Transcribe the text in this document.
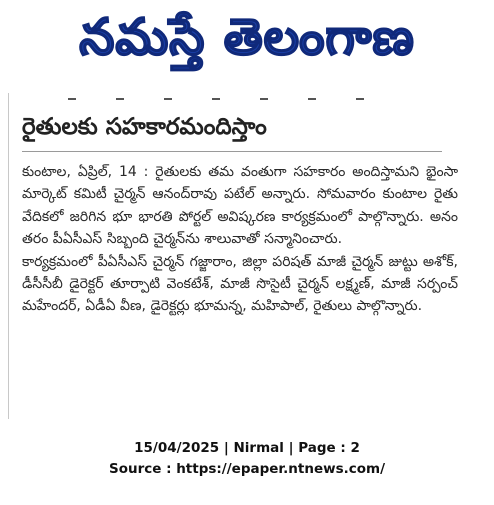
నమస్తే తెలంగాణ
రైతులకు సహకారమందిస్తాం

కుంటాల, ఏప్రిల్‌, 14 : రైతులకు తమ వంతుగా సహకారం అందిస్తామని భైంసా మార్కెట్‌ కమిటీ చైర్మన్‌ ఆనంద్‌రావు పటేల్‌ అన్నారు. సోమవారం కుంటాల రైతు వేదికలో జరిగిన భూ భారతి పోర్టల్‌ అవిష్కరణ కార్యక్రమంలో పాల్గొన్నారు. అనం తరం పీఏసీఎస్‌ సిబ్బంది చైర్మన్‌ను శాలువాతో సన్మానించారు.

కార్యక్రమంలో పీఏసీఎస్‌ చైర్మన్‌ గజ్జారాం, జిల్లా పరిషత్‌ మాజీ చైర్మన్‌ జుట్టు అశోక్‌, డీసీసీబీ డైరెక్టర్‌ తూర్పాటి వెంకటేశ్‌, మాజీ సొసైటీ చైర్మన్‌ లక్ష్మణ్‌, మాజీ సర్పంచ్‌ మహేందర్‌, ఏడీఏ వీణ, డైరెక్టర్లు భూమన్న, మహిపాల్‌, రైతులు పాల్గొన్నారు.

15/04/2025 | Nirmal | Page : 2
Source : https://epaper.ntnews.com/
